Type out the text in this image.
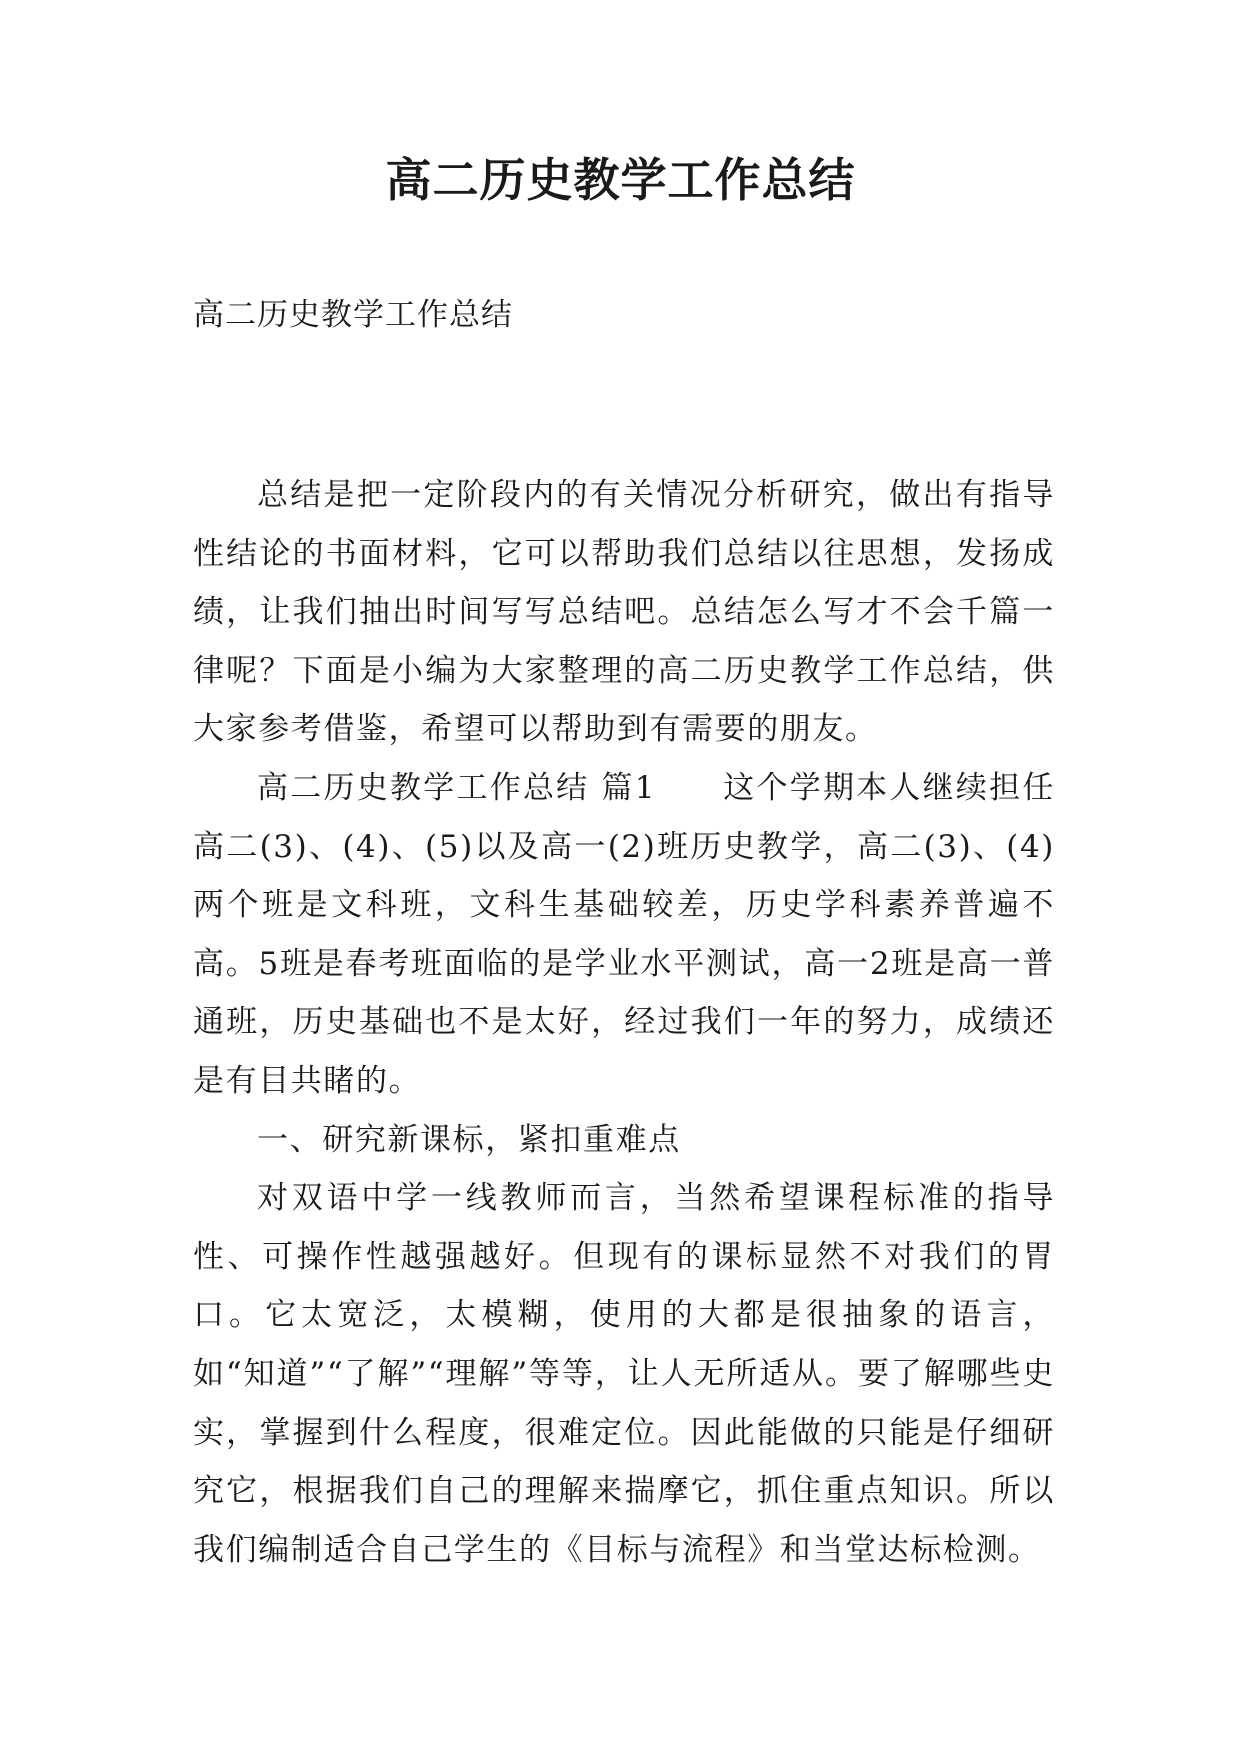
高二历史教学工作总结

高二历史教学工作总结

总结是把一定阶段内的有关情况分析研究，做出有指导性结论的书面材料，它可以帮助我们总结以往思想，发扬成绩，让我们抽出时间写写总结吧。总结怎么写才不会千篇一律呢？下面是小编为大家整理的高二历史教学工作总结，供大家参考借鉴，希望可以帮助到有需要的朋友。

高二历史教学工作总结 篇1　　这个学期本人继续担任高二(3)、(4)、(5)以及高一(2)班历史教学，高二(3)、(4)两个班是文科班，文科生基础较差，历史学科素养普遍不高。5班是春考班面临的是学业水平测试，高一2班是高一普通班，历史基础也不是太好，经过我们一年的努力，成绩还是有目共睹的。

一、研究新课标，紧扣重难点

对双语中学一线教师而言，当然希望课程标准的指导性、可操作性越强越好。但现有的课标显然不对我们的胃口。它太宽泛，太模糊，使用的大都是很抽象的语言，如“知道”“了解”“理解”等等，让人无所适从。要了解哪些史实，掌握到什么程度，很难定位。因此能做的只能是仔细研究它，根据我们自己的理解来揣摩它，抓住重点知识。所以我们编制适合自己学生的《目标与流程》和当堂达标检测。
